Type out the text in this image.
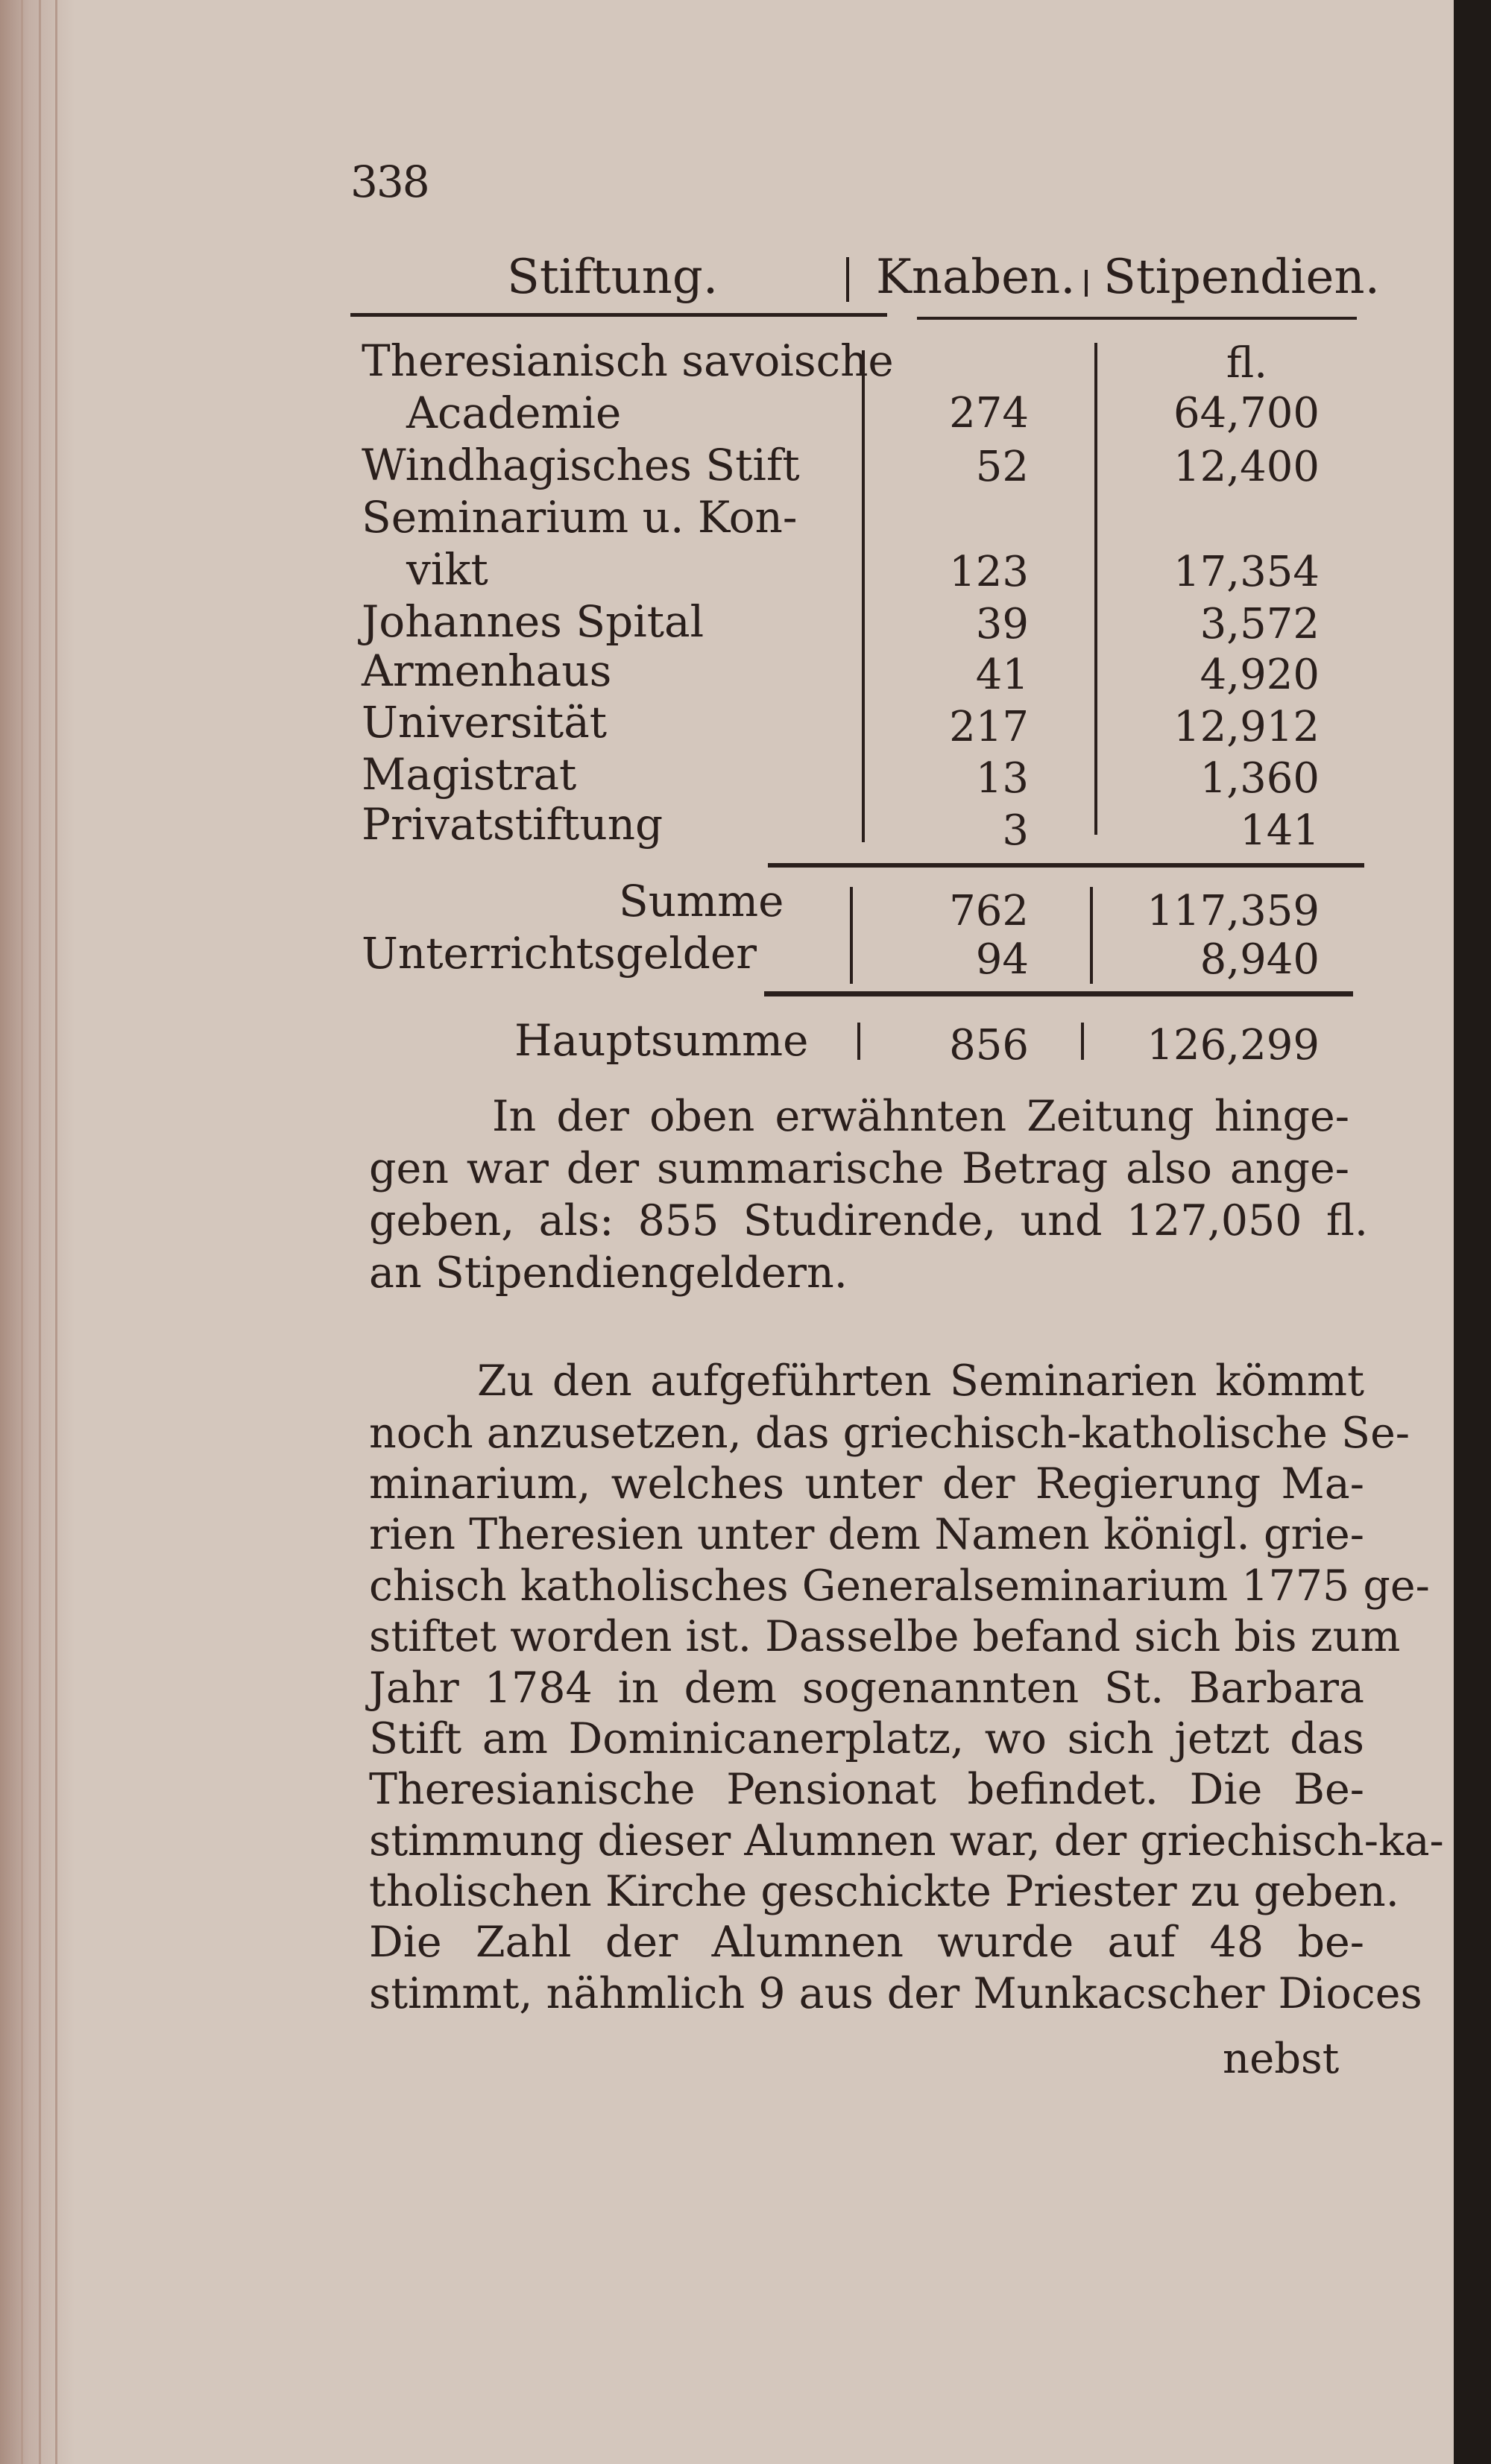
338
Stiftung.	Knaben. Stipendien.
fl.
Theresianisch savoische
Academie	274	64,700
Windhagisches Stift	52	12,400
Seminarium u. Kon-
vikt	123	17,354
Johannes Spital	39	3,572
Armenhaus	41	4,920
Universität	217	12,912
Magistrat	13	1,360
Privatstiftung	3	141
Summe	762	117,359
Unterrichtsgelder	94	8,940
Hauptsumme	856	126,299
In der oben erwähnten Zeitung hinge-
gen war der summarische Betrag also ange-
geben, als: 855 Studirende, und 127,050 fl.
an Stipendiengeldern.
Zu den aufgeführten Seminarien kömmt
noch anzusetzen, das griechisch-katholische Se-
minarium, welches unter der Regierung Ma-
rien Theresien unter dem Namen königl. grie-
chisch katholisches Generalseminarium 1775 ge-
stiftet worden ist. Dasselbe befand sich bis zum
Jahr 1784 in dem sogenannten St. Barbara
Stift am Dominicanerplatz, wo sich jetzt das
Theresianische Pensionat befindet. Die Be-
stimmung dieser Alumnen war, der griechisch-ka-
tholischen Kirche geschickte Priester zu geben.
Die Zahl der Alumnen wurde auf 48 be-
stimmt, nähmlich 9 aus der Munkacscher Dioces
nebst
